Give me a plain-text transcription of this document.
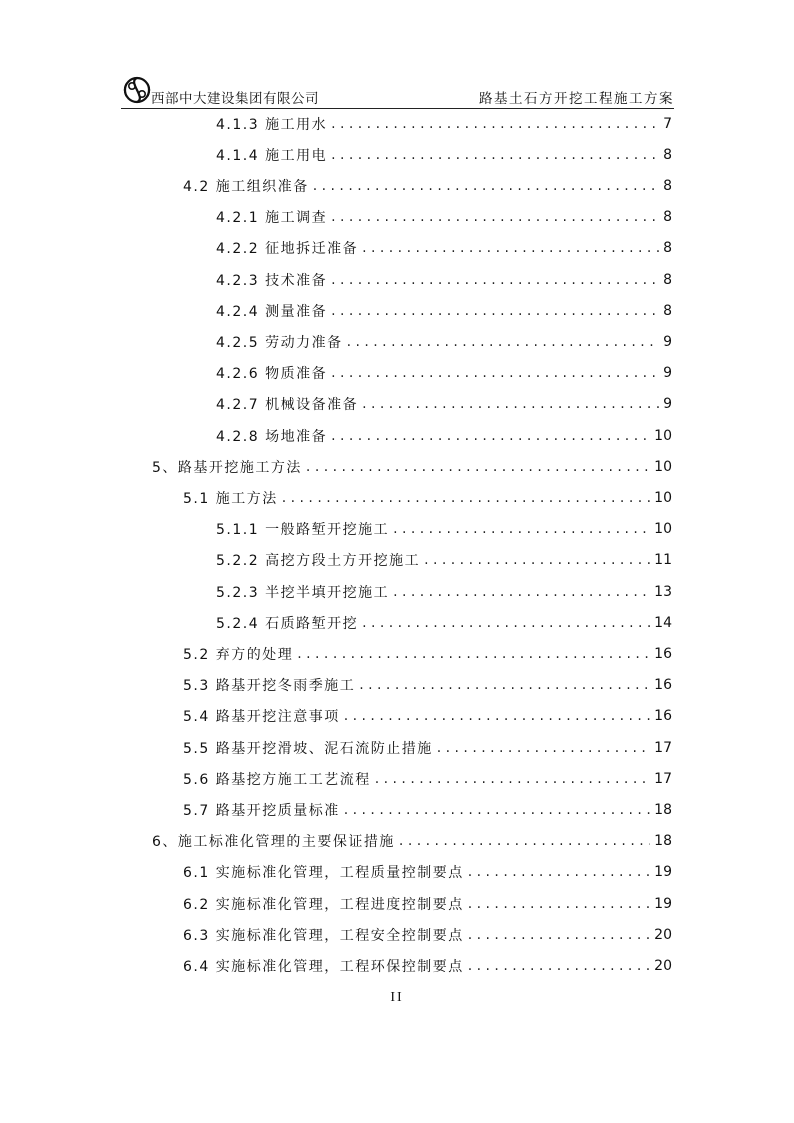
西部中大建设集团有限公司	路基土石方开挖工程施工方案
4.1.3 施工用水 . . .	7
4.1.4 施工用电 . . .	8
4.2 施工组织准备 . . .	8
4.2.1 施工调查 . . .	8
4.2.2 征地拆迁准备 . . .	8
4.2.3 技术准备 . . .	8
4.2.4 测量准备 . . .	8
4.2.5 劳动力准备 . . .	9
4.2.6 物质准备 . . .	9
4.2.7 机械设备准备 . . .	9
4.2.8 场地准备 . . .	10
5、路基开挖施工方法 . . .	10
5.1 施工方法 . . .	10
5.1.1 一般路堑开挖施工 . . .	10
5.2.2 高挖方段土方开挖施工 . . .	11
5.2.3 半挖半填开挖施工 . . .	13
5.2.4 石质路堑开挖 . . .	14
5.2 弃方的处理 . . .	16
5.3 路基开挖冬雨季施工 . . .	16
5.4 路基开挖注意事项 . . .	16
5.5 路基开挖滑坡、泥石流防止措施 . . .	17
5.6 路基挖方施工工艺流程 . . .	17
5.7 路基开挖质量标准 . . .	18
6、施工标准化管理的主要保证措施 . . .	18
6.1 实施标准化管理，工程质量控制要点 . . .	19
6.2 实施标准化管理，工程进度控制要点 . . .	19
6.3 实施标准化管理，工程安全控制要点 . . .	20
6.4 实施标准化管理，工程环保控制要点 . . .	20
II
